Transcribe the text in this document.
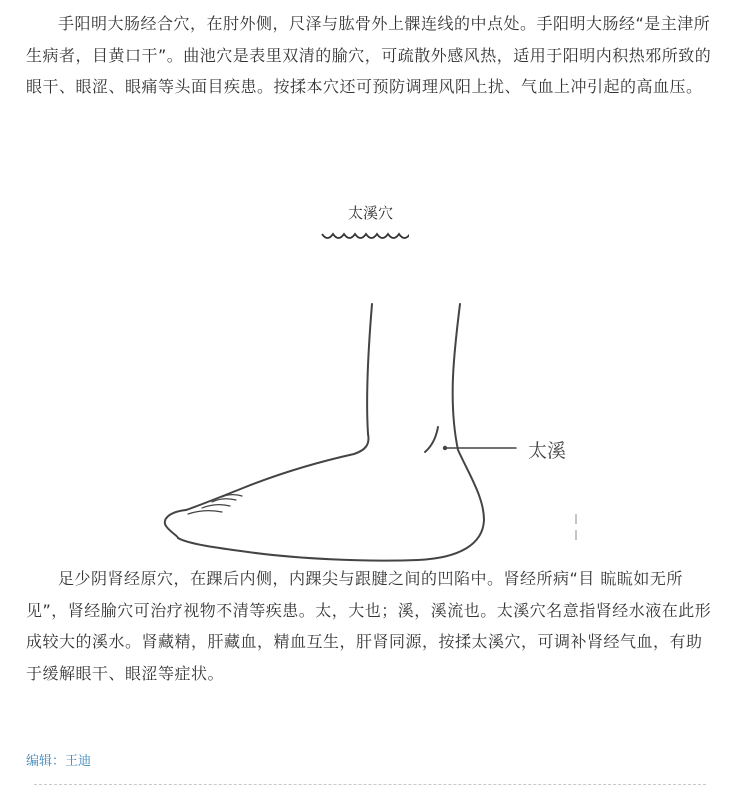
手阳明大肠经合穴，在肘外侧，尺泽与肱骨外上髁连线的中点处。手阳明大肠经“是主津所生病者，目黄口干”。曲池穴是表里双清的腧穴，可疏散外感风热，适用于阳明内积热邪所致的眼干、眼涩、眼痛等头面目疾患。按揉本穴还可预防调理风阳上扰、气血上冲引起的高血压。

太溪穴
太溪

足少阴肾经原穴，在踝后内侧，内踝尖与跟腱之间的凹陷中。肾经所病“目 䀮䀮如无所见”，肾经腧穴可治疗视物不清等疾患。太，大也；溪，溪流也。太溪穴名意指肾经水液在此形成较大的溪水。肾藏精，肝藏血，精血互生，肝肾同源，按揉太溪穴，可调补肾经气血，有助于缓解眼干、眼涩等症状。

编辑：王迪
